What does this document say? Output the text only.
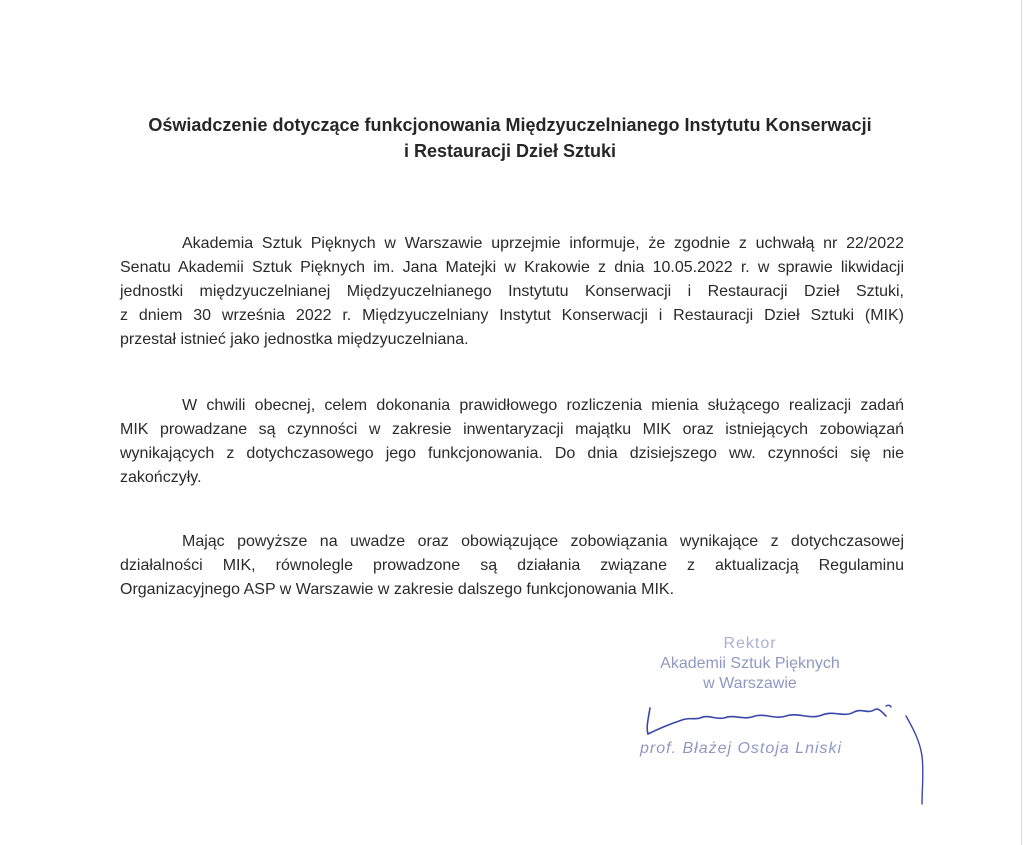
Oświadczenie dotyczące funkcjonowania Międzyuczelnianego Instytutu Konserwacji
i Restauracji Dzieł Sztuki

Akademia Sztuk Pięknych w Warszawie uprzejmie informuje, że zgodnie z uchwałą nr 22/2022
Senatu Akademii Sztuk Pięknych im. Jana Matejki w Krakowie z dnia 10.05.2022 r. w sprawie likwidacji
jednostki międzyuczelnianej Międzyuczelnianego Instytutu Konserwacji i Restauracji Dzieł Sztuki,
z dniem 30 września 2022 r. Międzyuczelniany Instytut Konserwacji i Restauracji Dzieł Sztuki (MIK)
przestał istnieć jako jednostka międzyuczelniana.

W chwili obecnej, celem dokonania prawidłowego rozliczenia mienia służącego realizacji zadań
MIK prowadzane są czynności w zakresie inwentaryzacji majątku MIK oraz istniejących zobowiązań
wynikających z dotychczasowego jego funkcjonowania. Do dnia dzisiejszego ww. czynności się nie
zakończyły.

Mając powyższe na uwadze oraz obowiązujące zobowiązania wynikające z dotychczasowej
działalności MIK, równolegle prowadzone są działania związane z aktualizacją Regulaminu
Organizacyjnego ASP w Warszawie w zakresie dalszego funkcjonowania MIK.

Rektor
Akademii Sztuk Pięknych
w Warszawie
prof. Błażej Ostoja Lniski
